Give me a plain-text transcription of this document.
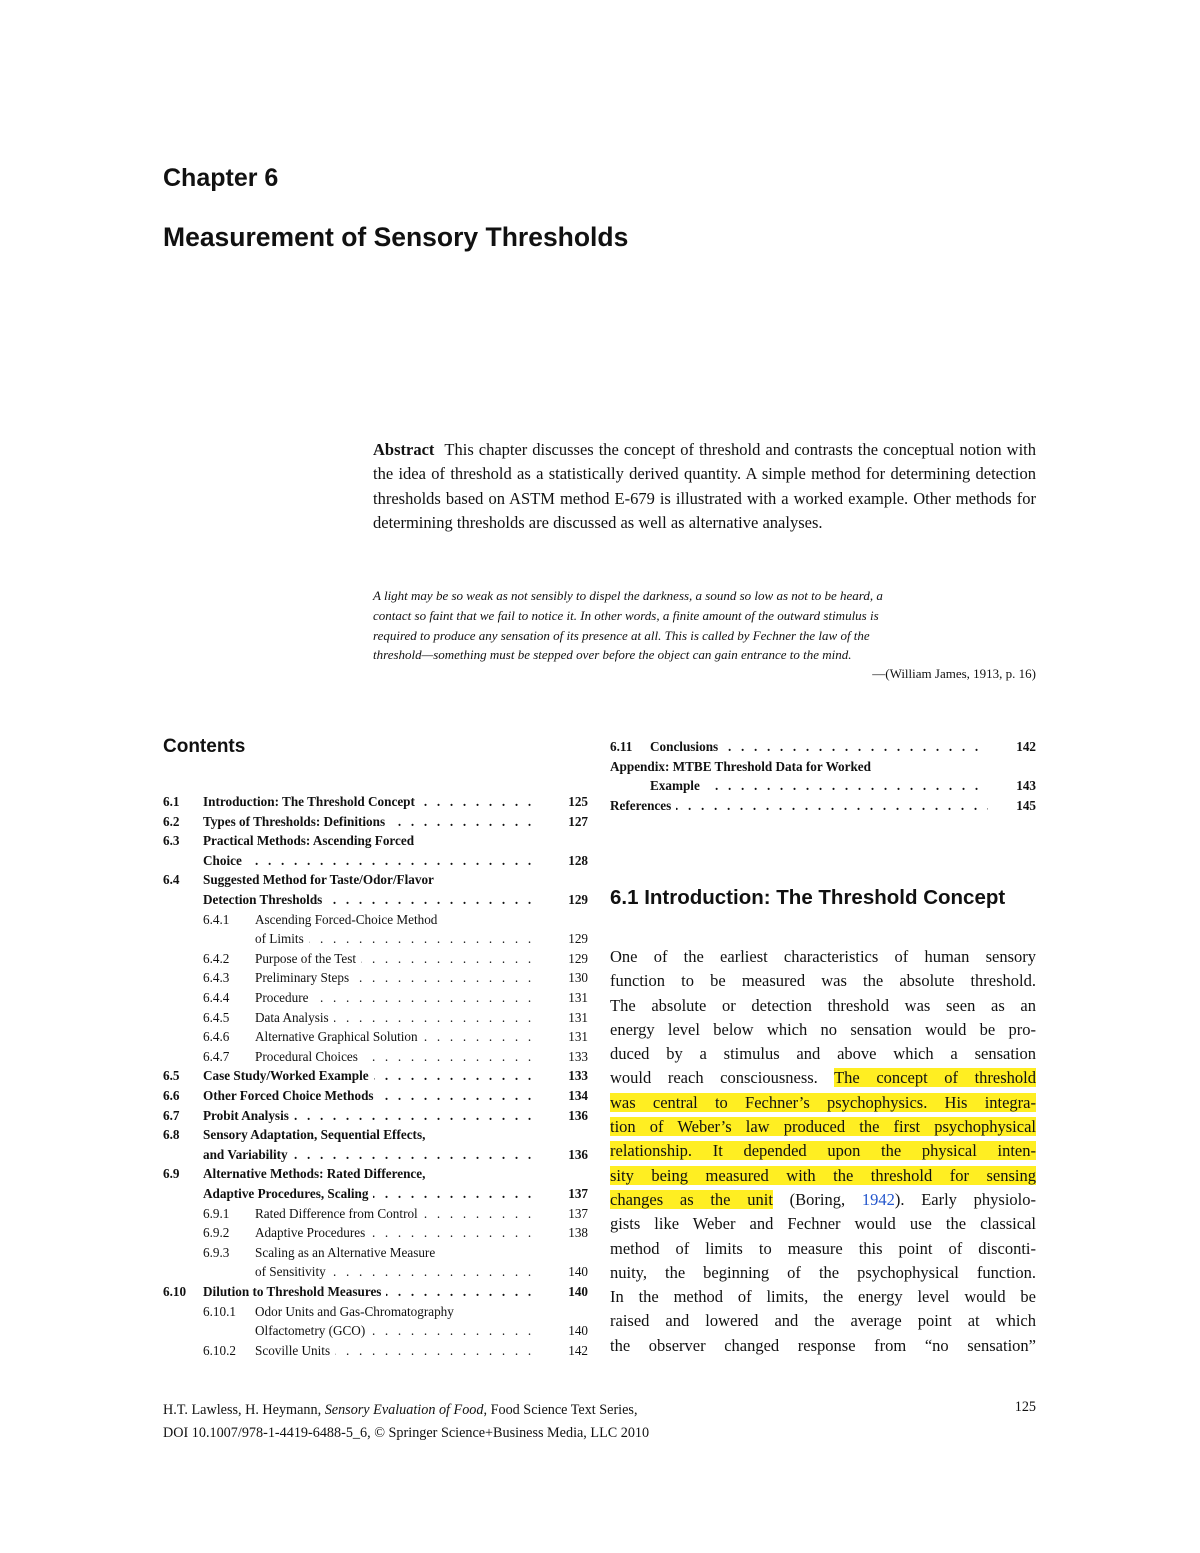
Chapter 6
Measurement of Sensory Thresholds
Abstract This chapter discusses the concept of threshold and contrasts the conceptual notion with the idea of threshold as a statistically derived quantity. A simple method for determining detection thresholds based on ASTM method E-679 is illustrated with a worked example. Other methods for determining thresholds are discussed as well as alternative analyses.
A light may be so weak as not sensibly to dispel the darkness, a sound so low as not to be heard, a
contact so faint that we fail to notice it. In other words, a finite amount of the outward stimulus is
required to produce any sensation of its presence at all. This is called by Fechner the law of the
threshold—something must be stepped over before the object can gain entrance to the mind.
—(William James, 1913, p. 16)
Contents
6.1 Introduction: The Threshold Concept . . .	125
6.2 Types of Thresholds: Definitions . . .	127
6.3 Practical Methods: Ascending Forced
Choice . . .	128
6.4 Suggested Method for Taste/Odor/Flavor
Detection Thresholds . . .	129
6.4.1 Ascending Forced-Choice Method
of Limits . . .	129
6.4.2 Purpose of the Test . . .	129
6.4.3 Preliminary Steps . . .	130
6.4.4 Procedure . . .	131
6.4.5 Data Analysis . . .	131
6.4.6 Alternative Graphical Solution . . .	131
6.4.7 Procedural Choices . . .	133
6.5 Case Study/Worked Example . . .	133
6.6 Other Forced Choice Methods . . .	134
6.7 Probit Analysis . . .	136
6.8 Sensory Adaptation, Sequential Effects,
and Variability . . .	136
6.9 Alternative Methods: Rated Difference,
Adaptive Procedures, Scaling . . .	137
6.9.1 Rated Difference from Control . . .	137
6.9.2 Adaptive Procedures . . .	138
6.9.3 Scaling as an Alternative Measure
of Sensitivity . . .	140
6.10 Dilution to Threshold Measures . . .	140
6.10.1 Odor Units and Gas-Chromatography
Olfactometry (GCO) . . .	140
6.10.2 Scoville Units . . .	142
6.11 Conclusions . . .	142
Appendix: MTBE Threshold Data for Worked
Example . . .	143
References . . .	145
6.1 Introduction: The Threshold Concept
One of the earliest characteristics of human sensory
function to be measured was the absolute threshold.
The absolute or detection threshold was seen as an
energy level below which no sensation would be pro-
duced by a stimulus and above which a sensation
would reach consciousness. The concept of threshold
was central to Fechner’s psychophysics. His integra-
tion of Weber’s law produced the first psychophysical
relationship. It depended upon the physical inten-
sity being measured with the threshold for sensing
changes as the unit (Boring, 1942). Early physiolo-
gists like Weber and Fechner would use the classical
method of limits to measure this point of disconti-
nuity, the beginning of the psychophysical function.
In the method of limits, the energy level would be
raised and lowered and the average point at which
the observer changed response from “no sensation”
H.T. Lawless, H. Heymann, Sensory Evaluation of Food, Food Science Text Series,
DOI 10.1007/978-1-4419-6488-5_6, © Springer Science+Business Media, LLC 2010
125
